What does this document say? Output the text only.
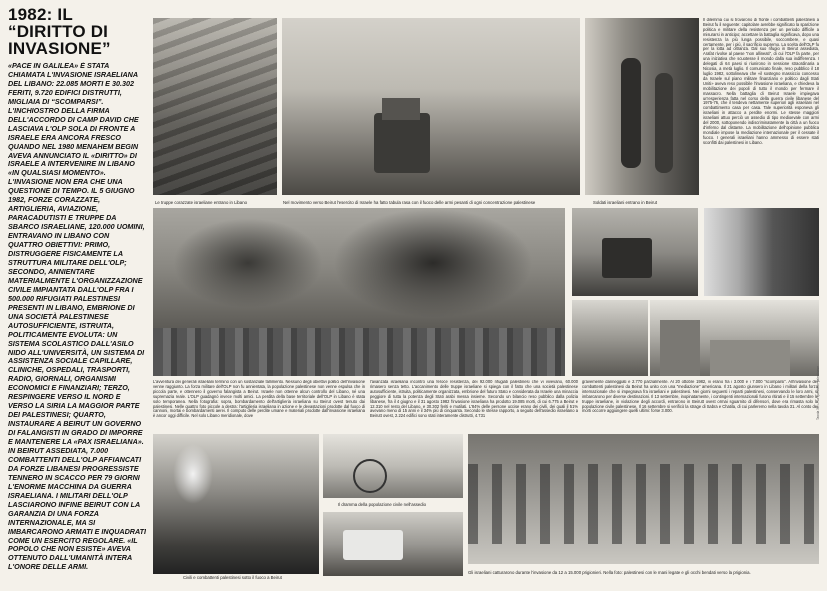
1982: IL “DIRITTO DI INVASIONE”
«PACE IN GALILEA» È STATA CHIAMATA L'INVASIONE ISRAELIANA DEL LIBANO: 22.085 MORTI E 30.302 FERITI, 9.720 EDIFICI DISTRUTTI, MIGLIAIA DI “SCOMPARSI”. L'INCHIOSTRO DELLA FIRMA DELL'ACCORDO DI CAMP DAVID CHE LASCIAVA L'OLP SOLA DI FRONTE A ISRAELE ERA ANCORA FRESCO QUANDO NEL 1980 MENAHEM BEGIN AVEVA ANNUNCIATO IL «DIRITTO» DI ISRAELE A INTERVENIRE IN LIBANO «IN QUALSIASI MOMENTO». L'INVASIONE NON ERA CHE UNA QUESTIONE DI TEMPO. IL 5 GIUGNO 1982, FORZE CORAZZATE, ARTIGLIERIA, AVIAZIONE, PARACADUTISTI E TRUPPE DA SBARCO ISRAELIANE, 120.000 UOMINI, ENTRAVANO IN LIBANO CON QUATTRO OBIETTIVI: PRIMO, DISTRUGGERE FISICAMENTE LA STRUTTURA MILITARE DELL'OLP; SECONDO, ANNIENTARE MATERIALMENTE L'ORGANIZZAZIONE CIVILE IMPIANTATA DALL'OLP FRA I 500.000 RIFUGIATI PALESTINESI PRESENTI IN LIBANO, EMBRIONE DI UNA SOCIETÀ PALESTINESE AUTOSUFFICIENTE, ISTRUITA, POLITICAMENTE EVOLUTA: UN SISTEMA SCOLASTICO DALL'ASILO NIDO ALL'UNIVERSITÀ, UN SISTEMA DI ASSISTENZA SOCIALE CAPILLARE, CLINICHE, OSPEDALI, TRASPORTI, RADIO, GIORNALI, ORGANISMI ECONOMICI E FINANZIARI; TERZO, RESPINGERE VERSO IL NORD E VERSO LA SIRIA LA MAGGIOR PARTE DEI PALESTINESI; QUARTO, INSTAURARE A BEIRUT UN GOVERNO DI FALANGISTI IN GRADO DI IMPORRE E MANTENERE LA «PAX ISRAELIANA». IN BEIRUT ASSEDIATA, 7.000 COMBATTENTI DELL'OLP AFFIANCATI DA FORZE LIBANESI PROGRESSISTE TENNERO IN SCACCO PER 79 GIORNI L'ENORME MACCHINA DA GUERRA ISRAELIANA. I MILITARI DELL'OLP LASCIARONO INFINE BEIRUT CON LA GARANZIA DI UNA FORZA INTERNAZIONALE, MA SI IMBARCARONO ARMATI E INQUADRATI COME UN ESERCITO REGOLARE. «IL POPOLO CHE NON ESISTE» AVEVA OTTENUTO DALL'UMANITÀ INTERA L'ONORE DELLE ARMI.
Le truppe corazzate israeliane entrano in Libano	Nel movimento verso Beirut l'esercito di Israele ha fatto tabula rasa con il fuoco delle armi pesanti di ogni concentrazione palestinese	Soldati israeliani entrano in Beirut
Il dilemma cui si trovarono di fronte i combattenti palestinesi a Beirut fu il seguente: capitolare avrebbe significato la sparizione politica e militare della resistenza per un periodo difficile a misurarsi in anticipo; accettare la battaglia significava, dopo una resistenza la più lunga possibile, soccombere, e quasi certamente, per i più, il sacrificio supremo. La scelta dell'OLP fu per la lotta ad oltranza. Dal suo rifugio in Beirut assediata, Arafat rivolse al paese “non allineati”, di cui l'OLP fa parte, per una iniziativa che scuotesse il mondo dalla sua indifferenza. I delegati di 64 paesi si riunirono in sessione straordinaria a Nicosia, a metà luglio. Il comunicato finale, reso pubblico il 18 luglio 1982, sottolineava che «il sostegno massiccio concesso da Israele sul piano militare finanziario e politico dagli Stati Uniti» aveva reso possibile l'invasione israeliana, e chiedeva la mobilitazione dei popoli di tutto il mondo per fermare il massacro. Nella battaglia di Beirut Israele impiegava un'esperienza fatta nel corso della guerra civile libanese del 1975-76, che il tendeva nettamente superiori agli israeliani nel combattimento casa per casa. Tale superiorità esponeva gli israeliani in attacco a perdite enormi. Le stesse maggiori israeliani attuo perciò un assedio di tipo medioevale con armi del 2000, sottoponendo indiscriminatamente la città a un fuoco d'inferno dal distante. La mobilitazione dell'opinione pubblica mondiale impose la mediazione internazionale per il cessate il fuoco. I generali israeliani hanno ammesso di essere stati sconfitti dai palestinesi in Libano.
L'avventura dei generali israeliani terminò con un sostanziale fallimento. Nessuno degli obiettivi politici dell'invasione venne raggiunto. La forza militare dell'OLP non fu annientata, la popolazione palestinese non venne espulsa che in piccola parte, e ottennero il governo falangista a Beirut. Israele non ottenne alcun controllo del Libano, né una supremazia reale. L'OLP guadagnò invece molti amici. La perdita della base territoriale dell'OLP in Libano è stata solo temporanea. Nella fotografia: sopra, bombardamento dell'artiglieria israeliana su Beirut ovest tenuto dai palestinesi. Nelle quattro foto piccole a destra: l'artiglieria israeliana in azione e le devastazioni prodotte dal fuoco di cannoni, mortai e bombardamenti aerei. Il computo delle perdite umane e materiali prodotte dall'invasione israeliana è ancor oggi difficile. Nel solo Libano meridionale, dove
l'avanzata israeliana incontrò una feroce resistenza, dei 92.000 rifugiati palestinesi che vi vivevano, 60.000 rimasero senza tetto. L'accanimento delle truppe israeliane si spiega con il fatto che una società palestinese autosufficiente, istruita, politicamente organizzata, embrione del futuro Stato e considerata da Israele una minaccia peggiore di tutta la potenza degli Stati arabi messa insieme. Secondo un bilancio reso pubblico dalla polizia libanese, fra il 4 giugno e il 31 agosto 1982 l'invasione israeliana ha prodotto 19.085 morti, di cui 6.775 a Beirut e 12.310 nel resto del Libano, e 30.302 feriti e mutilati. L'84% delle persone uccise erano dei civili, dei quali il 51% avevano meno di 15 anni e il 34% più di cinquanta. Secondo le stesse rapporto, a seguito dell'assedio israeliano a Beirutt ovest, 2.224 edifici sono stati interamente distrutti, 4.731
gravemente danneggiati e 2.770 parzialmente. Al 20 ottobre 1982, vi erano fra i 3.000 e i 7.000 “scomparsi”. All'invasione dei combattenti palestinesi da Beirut ha unito con una “mediazione” americana. Il 21 agosto giunsero in Libano i militari della forza internazionale che si impegnava fra israeliani e palestinesi. Nei giorni seguenti i reparti palestinesi, conservando le loro armi, si imbarcarono per diverse destinazioni. Il 13 settembre, inopinatamente, i contingenti internazionali furono ritirati e il 15 settembre le truppe israeliane, in violazione degli accordi, entrarono in Beirutt ovest ormai sguarnito di difensori, dove era rimasta solo la popolazione civile palestinese. Il 16 settembre si verificò la strage di Sabra e Chatila, di cui parleremo nella tavola 31. Al conto dei morti occorre aggiungere quelli ultimi: forse 3.000.
Civili e combattenti palestinesi sotto il fuoco a Beirut
Il dramma della popolazione civile nell'assedio
Gli israeliani catturarono durante l'invasione da 12 a 15.000 prigionieri. Nella foto: palestinesi con le mani legate e gli occhi bendati verso la prigionia.
Tavola 30 — La questione palestinese
